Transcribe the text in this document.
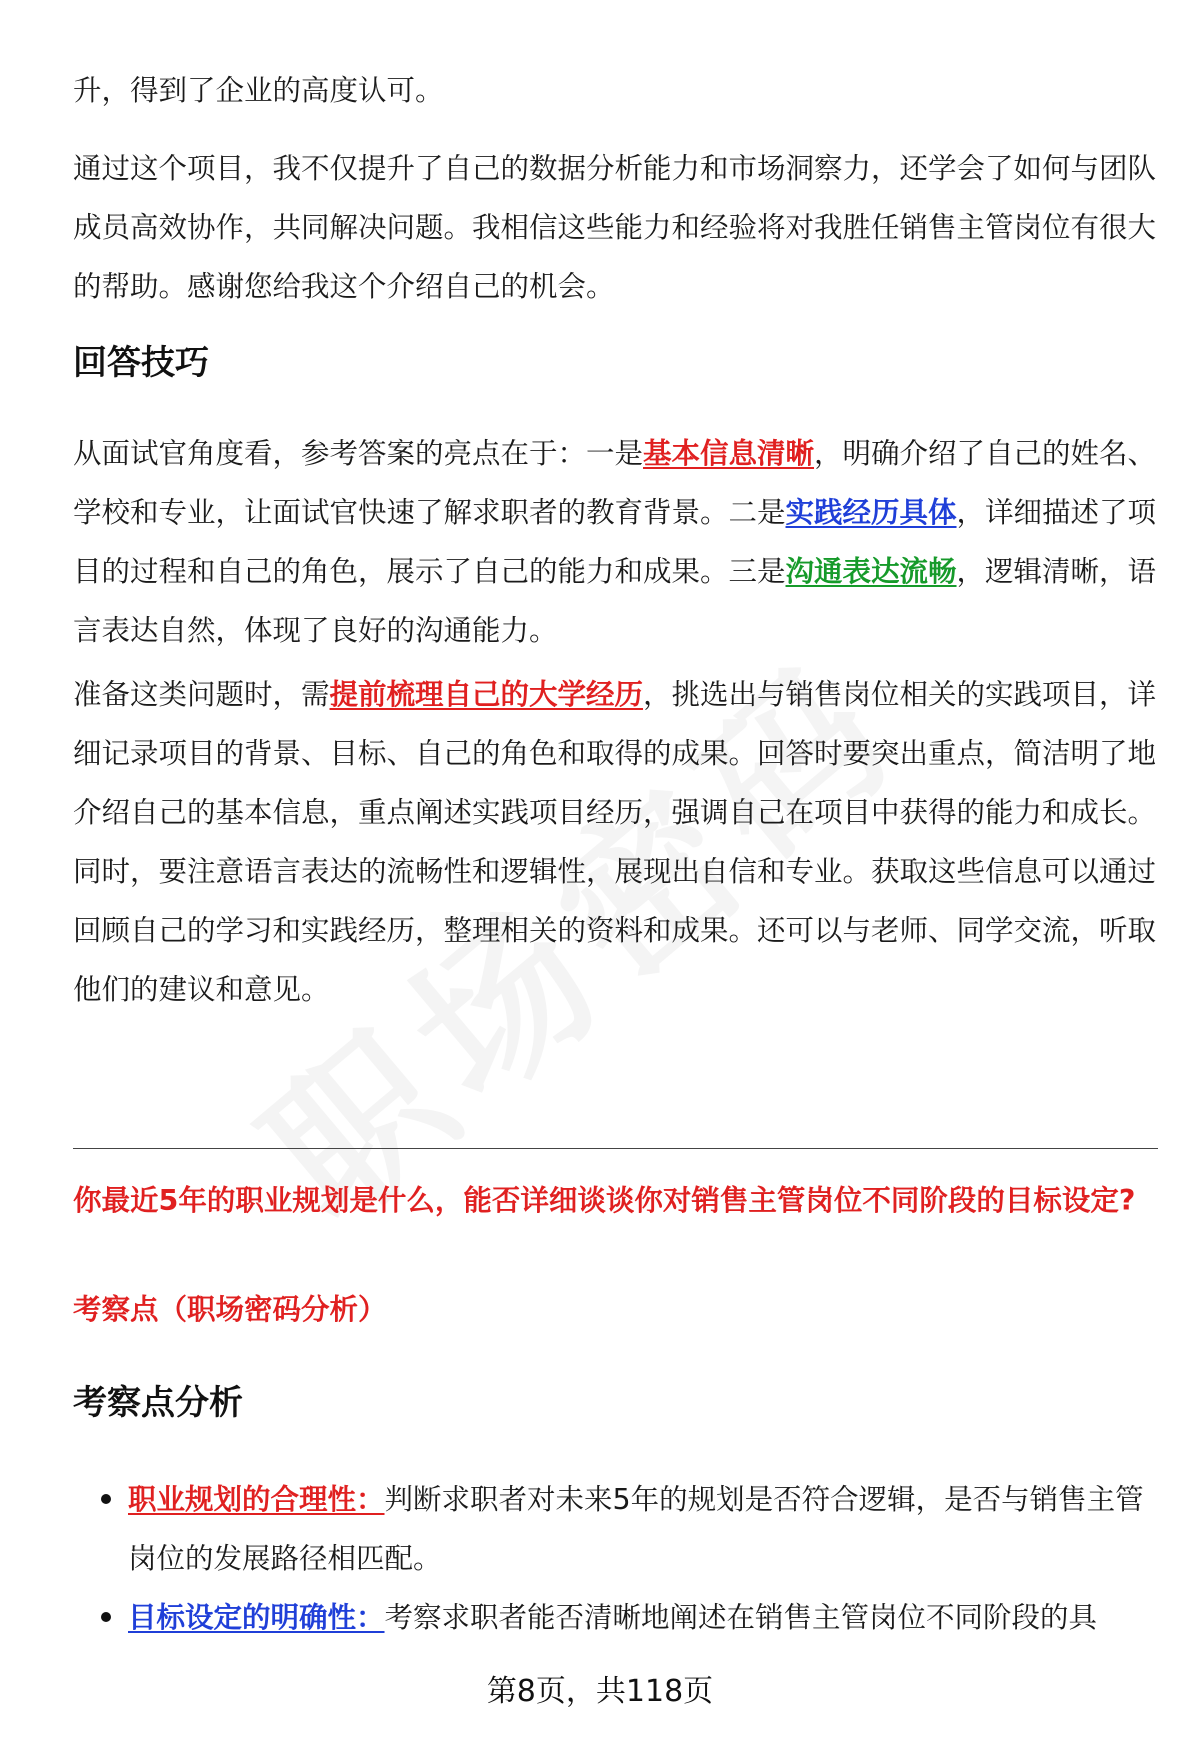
升，得到了企业的高度认可。

通过这个项目，我不仅提升了自己的数据分析能力和市场洞察力，还学会了如何与团队成员高效协作，共同解决问题。我相信这些能力和经验将对我胜任销售主管岗位有很大的帮助。感谢您给我这个介绍自己的机会。

回答技巧

从面试官角度看，参考答案的亮点在于：一是基本信息清晰，明确介绍了自己的姓名、学校和专业，让面试官快速了解求职者的教育背景。二是实践经历具体，详细描述了项目的过程和自己的角色，展示了自己的能力和成果。三是沟通表达流畅，逻辑清晰，语言表达自然，体现了良好的沟通能力。

准备这类问题时，需提前梳理自己的大学经历，挑选出与销售岗位相关的实践项目，详细记录项目的背景、目标、自己的角色和取得的成果。回答时要突出重点，简洁明了地介绍自己的基本信息，重点阐述实践项目经历，强调自己在项目中获得的能力和成长。同时，要注意语言表达的流畅性和逻辑性，展现出自信和专业。获取这些信息可以通过回顾自己的学习和实践经历，整理相关的资料和成果。还可以与老师、同学交流，听取他们的建议和意见。

你最近5年的职业规划是什么，能否详细谈谈你对销售主管岗位不同阶段的目标设定?

考察点（职场密码分析）

考察点分析
职业规划的合理性：判断求职者对未来5年的规划是否符合逻辑，是否与销售主管岗位的发展路径相匹配。
目标设定的明确性：考察求职者能否清晰地阐述在销售主管岗位不同阶段的具
第8页，共118页
